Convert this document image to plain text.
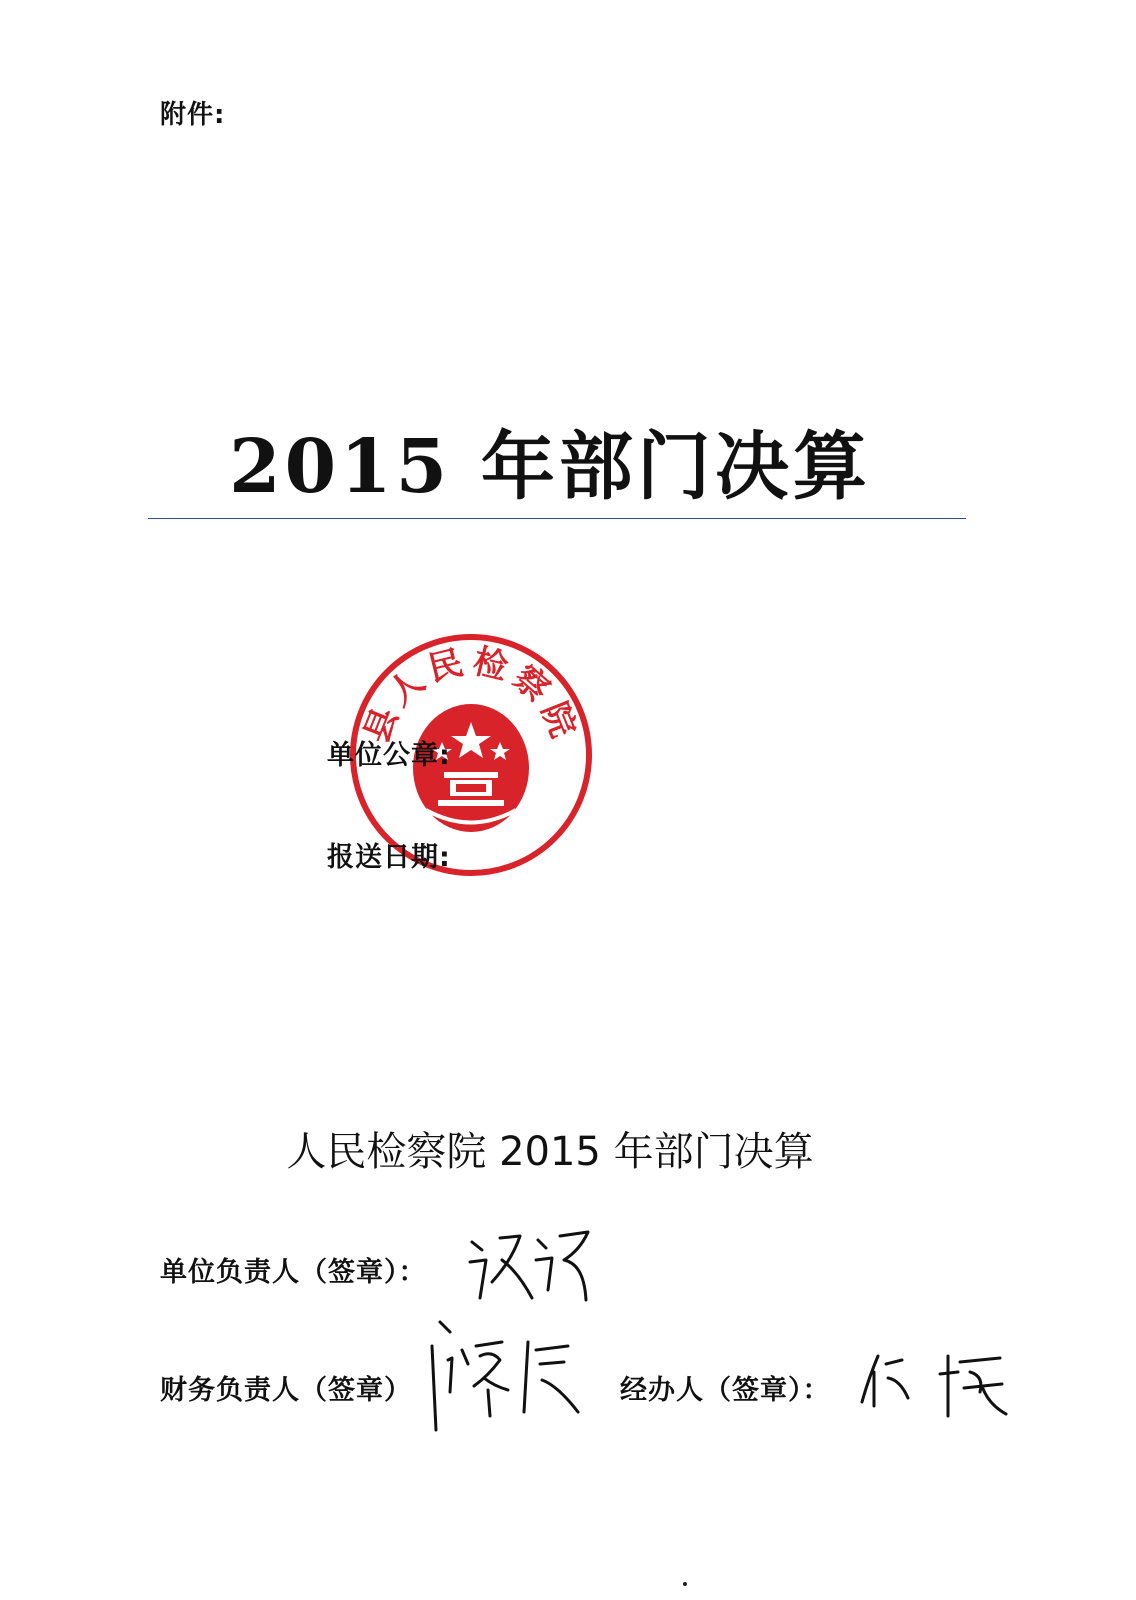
附件:
2015 年部门决算
县人民检察院
单位公章:
报送日期:
人民检察院 2015 年部门决算
单位负责人（签章）：
财务负责人（签章）	经办人（签章）：
